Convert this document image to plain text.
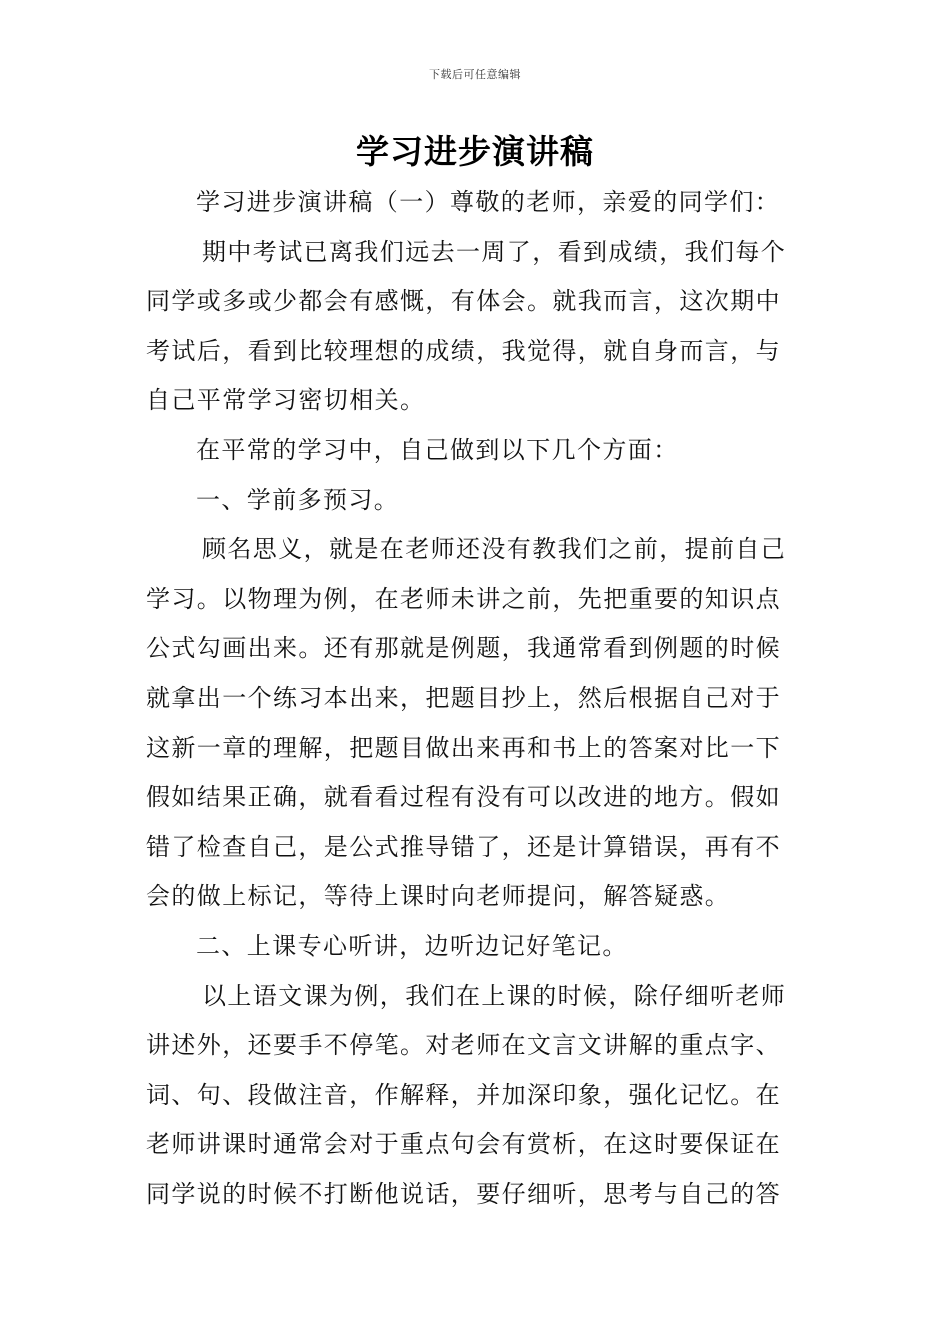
下载后可任意编辑
学习进步演讲稿
学习进步演讲稿（一）尊敬的老师，亲爱的同学们：
期中考试已离我们远去一周了，看到成绩，我们每个
同学或多或少都会有感慨，有体会。就我而言，这次期中
考试后，看到比较理想的成绩，我觉得，就自身而言，与
自己平常学习密切相关。
在平常的学习中，自己做到以下几个方面：
一、学前多预习。
顾名思义，就是在老师还没有教我们之前，提前自己
学习。以物理为例，在老师未讲之前，先把重要的知识点
公式勾画出来。还有那就是例题，我通常看到例题的时候
就拿出一个练习本出来，把题目抄上，然后根据自己对于
这新一章的理解，把题目做出来再和书上的答案对比一下
假如结果正确，就看看过程有没有可以改进的地方。假如
错了检查自己，是公式推导错了，还是计算错误，再有不
会的做上标记，等待上课时向老师提问，解答疑惑。
二、上课专心听讲，边听边记好笔记。
以上语文课为例，我们在上课的时候，除仔细听老师
讲述外，还要手不停笔。对老师在文言文讲解的重点字、
词、句、段做注音，作解释，并加深印象，强化记忆。在
老师讲课时通常会对于重点句会有赏析，在这时要保证在
同学说的时候不打断他说话，要仔细听，思考与自己的答
